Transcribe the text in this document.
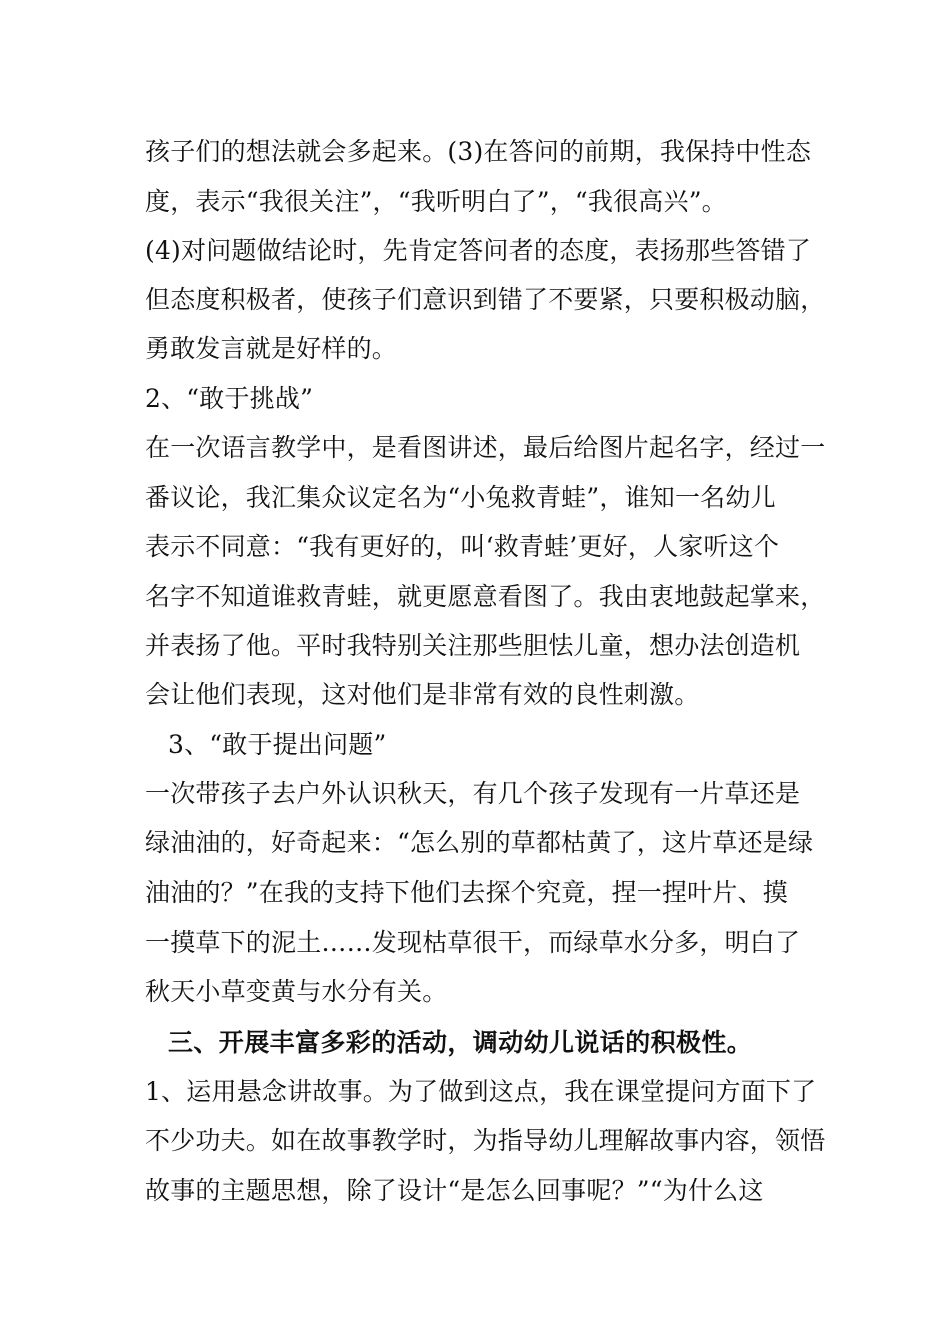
孩子们的想法就会多起来。(3)在答问的前期，我保持中性态
度，表示“我很关注”，“我听明白了”，“我很高兴”。
(4)对问题做结论时，先肯定答问者的态度，表扬那些答错了
但态度积极者，使孩子们意识到错了不要紧，只要积极动脑，
勇敢发言就是好样的。
2、“敢于挑战”
在一次语言教学中，是看图讲述，最后给图片起名字，经过一
番议论，我汇集众议定名为“小兔救青蛙”，谁知一名幼儿
表示不同意：“我有更好的，叫‘救青蛙’更好，人家听这个
名字不知道谁救青蛙，就更愿意看图了。我由衷地鼓起掌来，
并表扬了他。平时我特别关注那些胆怯儿童，想办法创造机
会让他们表现，这对他们是非常有效的良性刺激。
3、“敢于提出问题”
一次带孩子去户外认识秋天，有几个孩子发现有一片草还是
绿油油的，好奇起来：“怎么别的草都枯黄了，这片草还是绿
油油的？”在我的支持下他们去探个究竟，捏一捏叶片、摸
一摸草下的泥土……发现枯草很干，而绿草水分多，明白了
秋天小草变黄与水分有关。
三、开展丰富多彩的活动，调动幼儿说话的积极性。
1、运用悬念讲故事。为了做到这点，我在课堂提问方面下了
不少功夫。如在故事教学时，为指导幼儿理解故事内容，领悟
故事的主题思想，除了设计“是怎么回事呢？”“为什么这
